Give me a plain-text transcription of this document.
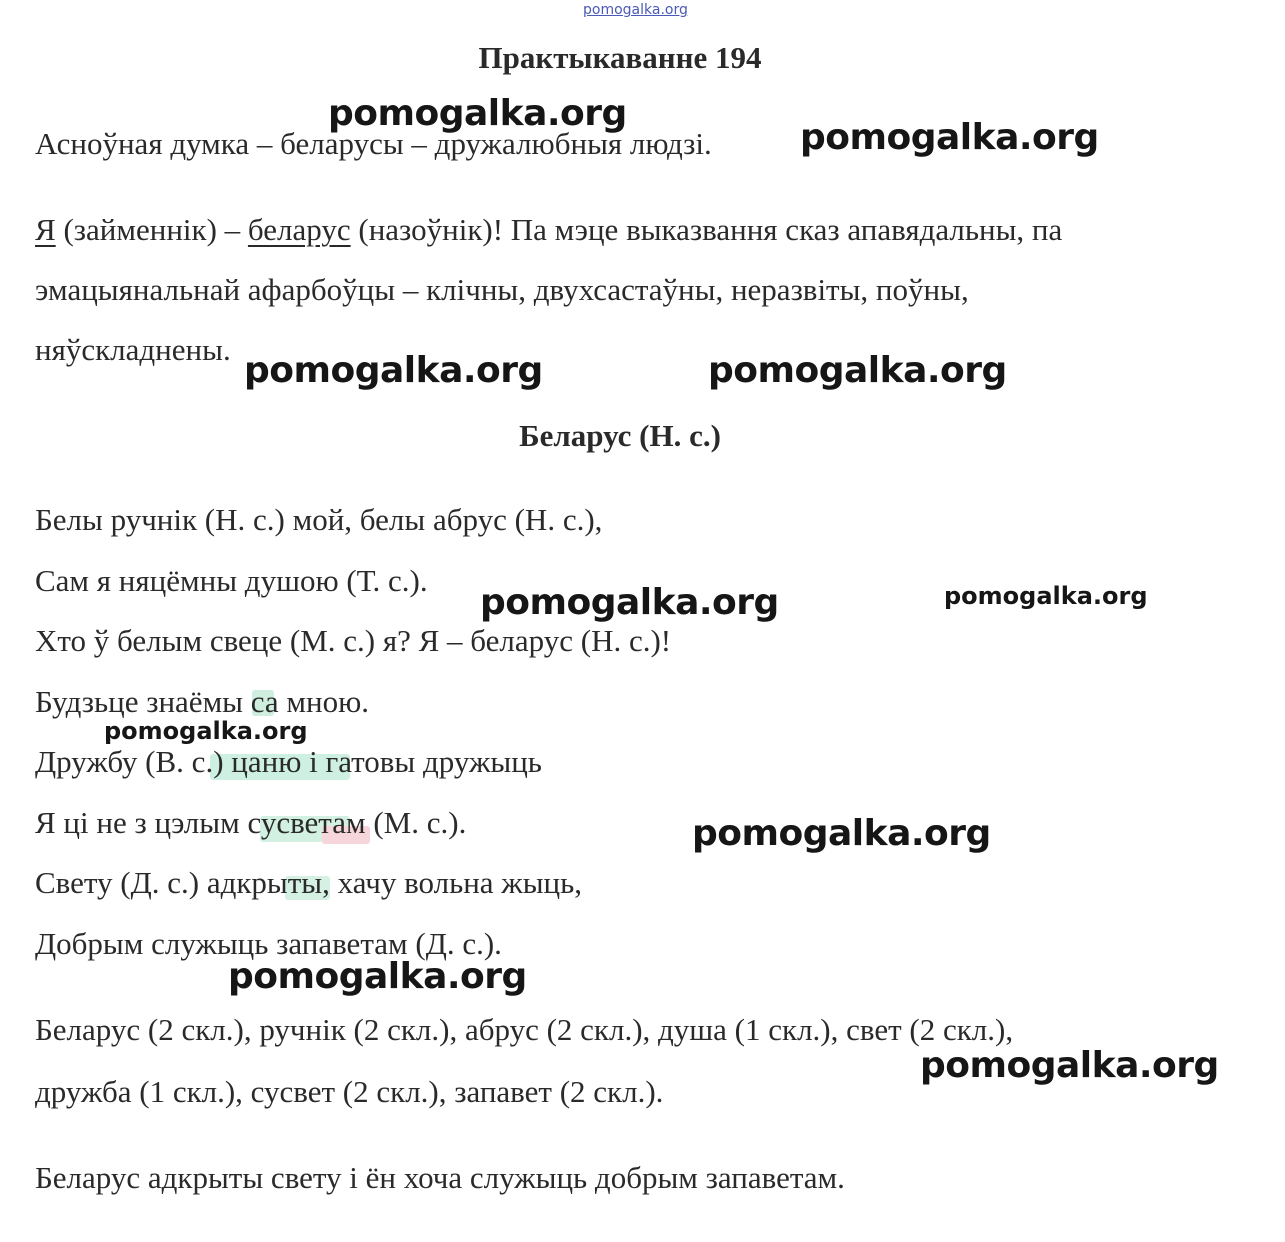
pomogalka.org
Практыкаванне 194
Асноўная думка – беларусы – дружалюбныя людзі.
Я (займеннік) – беларус (назоўнік)! Па мэце выказвання сказ апавядальны, па
эмацыянальнай афарбоўцы – клічны, двухсастаўны, неразвіты, поўны,
няўскладнены.
Беларус (Н. с.)
Белы ручнік (Н. с.) мой, белы абрус (Н. с.),
Сам я няцёмны душою (Т. с.).
Хто ў белым свеце (М. с.) я? Я – беларус (Н. с.)!
Будзьце знаёмы са мною.
Дружбу (В. с.) цаню і гатовы дружыць
Я ці не з цэлым сусветам (М. с.).
Свету (Д. с.) адкрыты, хачу вольна жыць,
Добрым служыць запаветам (Д. с.).
Беларус (2 скл.), ручнік (2 скл.), абрус (2 скл.), душа (1 скл.), свет (2 скл.),
дружба (1 скл.), сусвет (2 скл.), запавет (2 скл.).
Беларус адкрыты свету і ён хоча служыць добрым запаветам.
pomogalka.org
pomogalka.org
pomogalka.org	pomogalka.org
pomogalka.org	pomogalka.org
pomogalka.org
pomogalka.org
pomogalka.org
pomogalka.org
